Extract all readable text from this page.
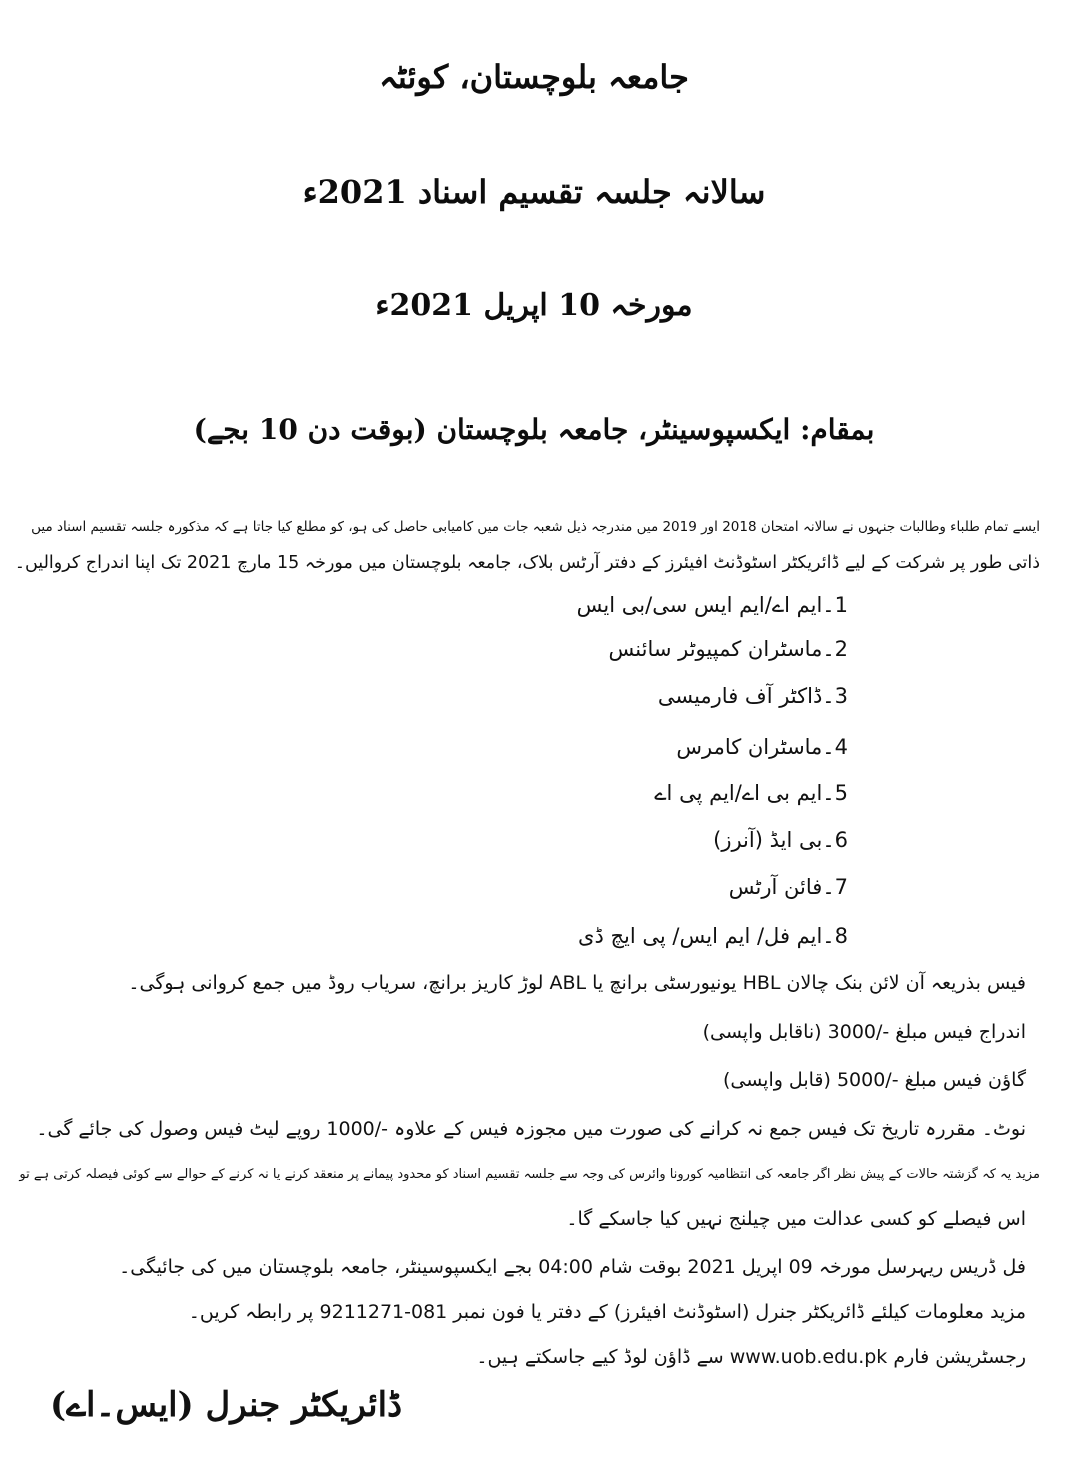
جامعہ بلوچستان، کوئٹہ
سالانہ جلسہ تقسیم اسناد 2021ء
مورخہ 10 اپریل 2021ء
بمقام: ایکسپوسینٹر، جامعہ بلوچستان (بوقت دن 10 بجے)
ایسے تمام طلباء وطالبات جنہوں نے سالانہ امتحان 2018 اور 2019 میں مندرجہ ذیل شعبہ جات میں کامیابی حاصل کی ہو، کو مطلع کیا جاتا ہے کہ مذکورہ جلسہ تقسیم اسناد میں
ذاتی طور پر شرکت کے لیے ڈائریکٹر اسٹوڈنٹ افیئرز کے دفتر آرٹس بلاک، جامعہ بلوچستان میں مورخہ 15 مارچ 2021 تک اپنا اندراج کروالیں۔
1۔ایم اے/ایم ایس سی/بی ایس
2۔ماسٹران کمپیوٹر سائنس
3۔ڈاکٹر آف فارمیسی
4۔ماسٹران کامرس
5۔ایم بی اے/ایم پی اے
6۔بی ایڈ (آنرز)
7۔فائن آرٹس
8۔ایم فل/ ایم ایس/ پی ایچ ڈی
فیس بذریعہ آن لائن بنک چالان HBL یونیورسٹی برانچ یا ABL لوڑ کاریز برانچ، سریاب روڈ میں جمع کروانی ہوگی۔
اندراج فیس مبلغ -/3000 (ناقابل واپسی)
گاؤن فیس مبلغ -/5000 (قابل واپسی)
نوٹ۔ مقررہ تاریخ تک فیس جمع نہ کرانے کی صورت میں مجوزہ فیس کے علاوہ -/1000 روپے لیٹ فیس وصول کی جائے گی۔
مزید یہ کہ گزشتہ حالات کے پیش نظر اگر جامعہ کی انتظامیہ کورونا وائرس کی وجہ سے جلسہ تقسیم اسناد کو محدود پیمانے پر منعقد کرنے یا نہ کرنے کے حوالے سے کوئی فیصلہ کرتی ہے تو
اس فیصلے کو کسی عدالت میں چیلنج نہیں کیا جاسکے گا۔
فل ڈریس ریہرسل مورخہ 09 اپریل 2021 بوقت شام 04:00 بجے ایکسپوسینٹر، جامعہ بلوچستان میں کی جائیگی۔
مزید معلومات کیلئے ڈائریکٹر جنرل (اسٹوڈنٹ افیئرز) کے دفتر یا فون نمبر 081-9211271 پر رابطہ کریں۔
رجسٹریشن فارم www.uob.edu.pk سے ڈاؤن لوڈ کیے جاسکتے ہیں۔
ڈائریکٹر جنرل (ایس۔اے)
